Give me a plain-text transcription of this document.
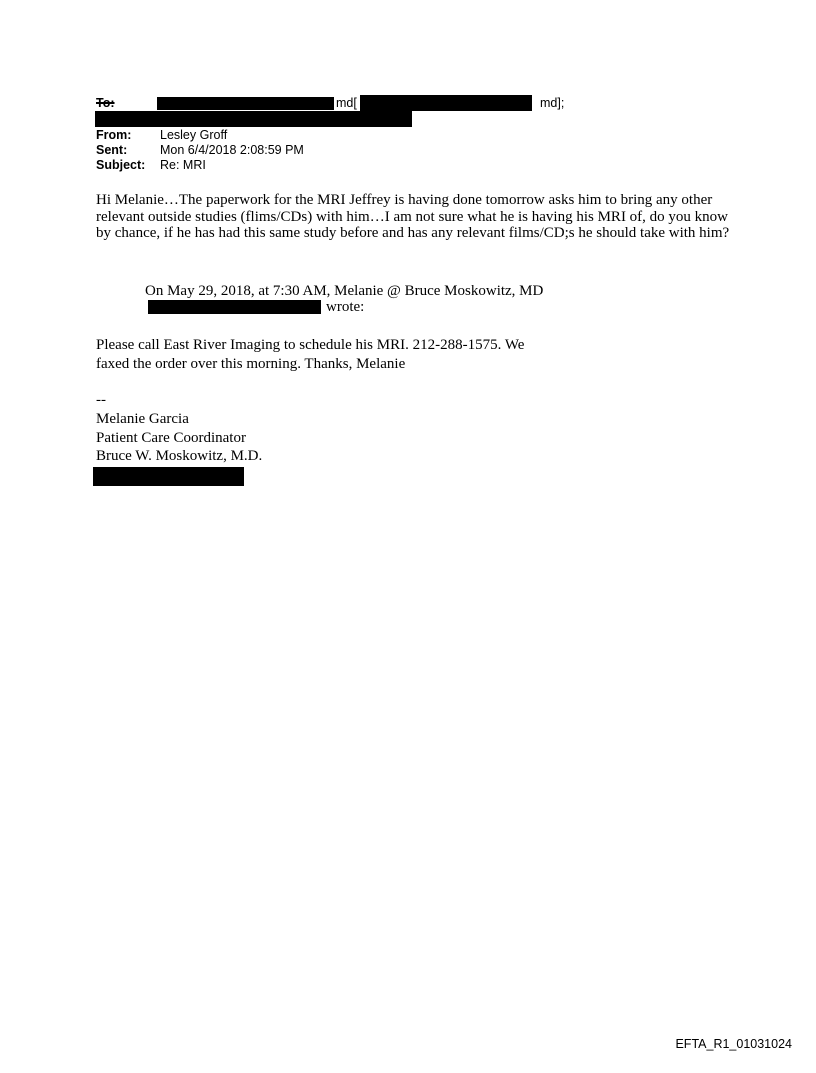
To:	md[	md];
From: Lesley Groff
Sent:	Mon 6/4/2018 2:08:59 PM
Subject: Re: MRI
Hi Melanie…The paperwork for the MRI Jeffrey is having done tomorrow asks him to bring any other relevant outside studies (flims/CDs) with him…I am not sure what he is having his MRI of, do you know by chance, if he has had this same study before and has any relevant films/CD;s he should take with him?
On May 29, 2018, at 7:30 AM, Melanie @ Bruce Moskowitz, MD
wrote:
Please call East River Imaging to schedule his MRI. 212-288-1575. We
faxed the order over this morning. Thanks, Melanie
--
Melanie Garcia
Patient Care Coordinator
Bruce W. Moskowitz, M.D.
EFTA_R1_01031024
